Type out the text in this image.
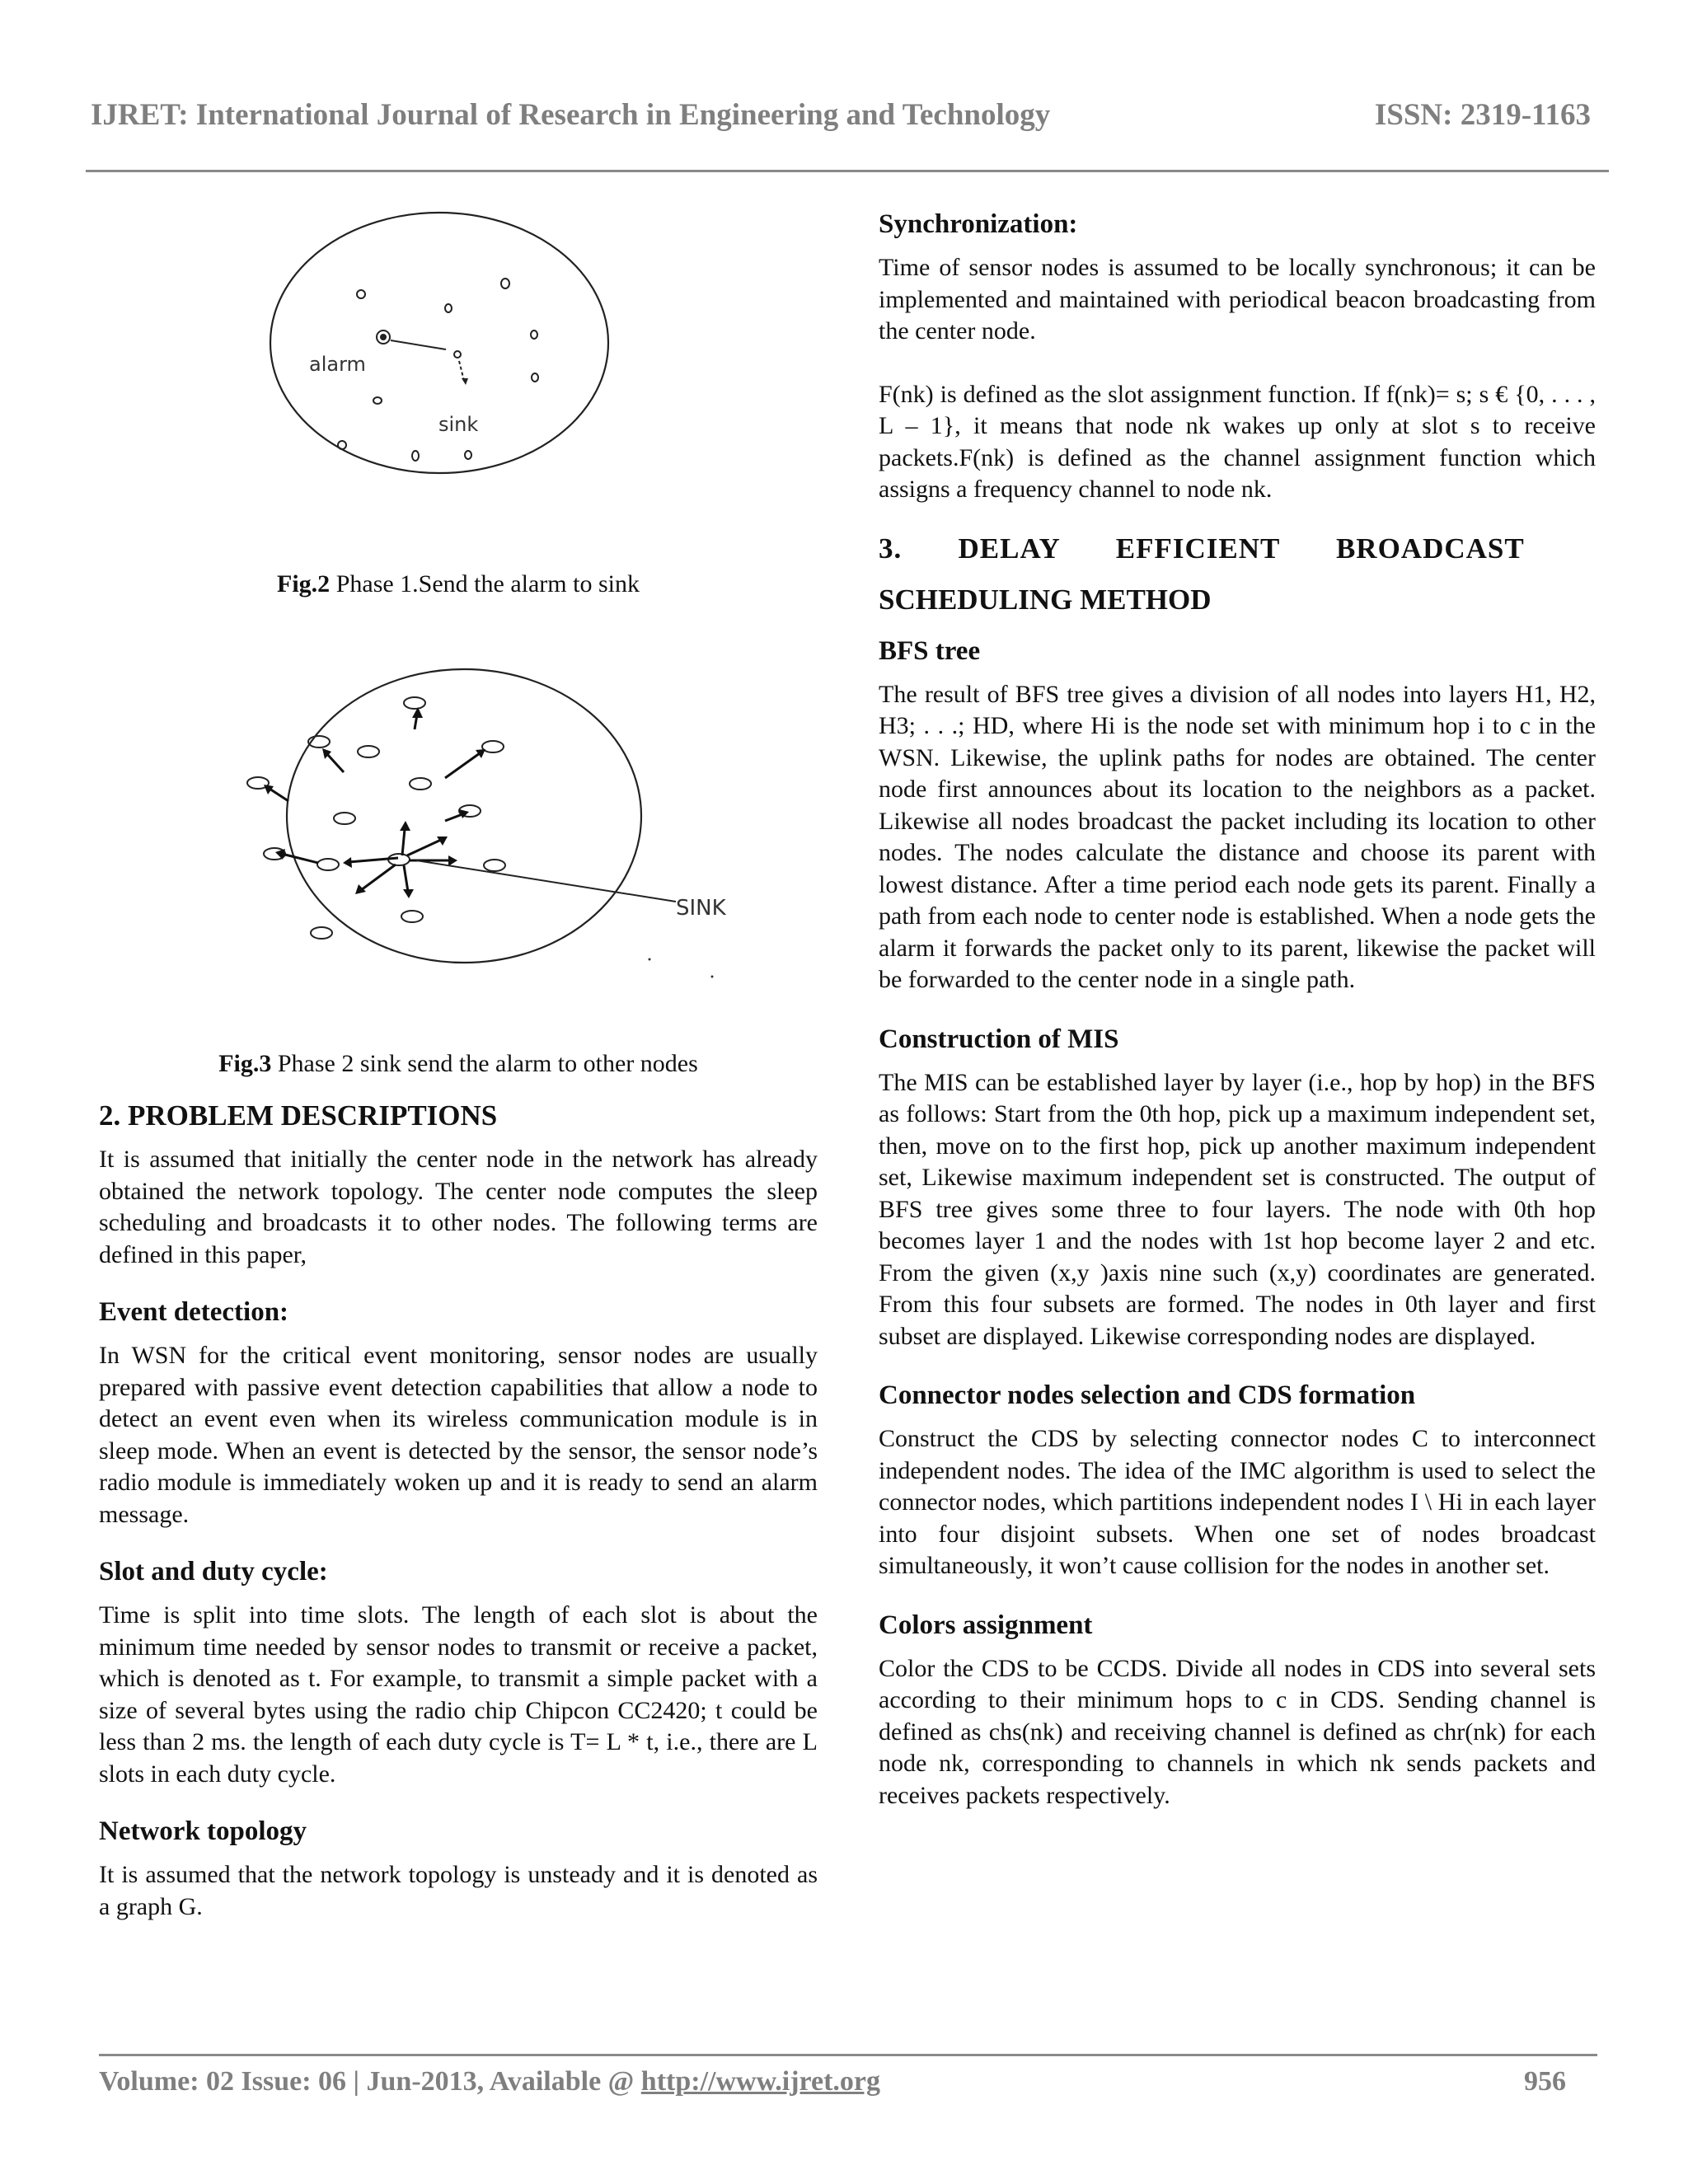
IJRET: International Journal of Research in Engineering and Technology	ISSN: 2319-1163
alarm
sink
Fig.2 Phase 1.Send the alarm to sink
SINK
Fig.3 Phase 2 sink send the alarm to other nodes
2. PROBLEM DESCRIPTIONS

It is assumed that initially the center node in the network has already obtained the network topology. The center node computes the sleep scheduling and broadcasts it to other nodes. The following terms are defined in this paper,

Event detection:

In WSN for the critical event monitoring, sensor nodes are usually prepared with passive event detection capabilities that allow a node to detect an event even when its wireless communication module is in sleep mode. When an event is detected by the sensor, the sensor node’s radio module is immediately woken up and it is ready to send an alarm message.

Slot and duty cycle:

Time is split into time slots. The length of each slot is about the minimum time needed by sensor nodes to transmit or receive a packet, which is denoted as t. For example, to transmit a simple packet with a size of several bytes using the radio chip Chipcon CC2420; t could be less than 2 ms. the length of each duty cycle is T= L * t, i.e., there are L slots in each duty cycle.

Network topology

It is assumed that the network topology is unsteady and it is denoted as a graph G.

Synchronization:

Time of sensor nodes is assumed to be locally synchronous; it can be implemented and maintained with periodical beacon broadcasting from the center node.

F(nk) is defined as the slot assignment function. If f(nk)= s; s € {0, . . . , L – 1}, it means that node nk wakes up only at slot s to receive packets.F(nk) is defined as the channel assignment function which assigns a frequency channel to node nk.

3.       DELAY       EFFICIENT       BROADCAST
SCHEDULING METHOD
BFS tree

The result of BFS tree gives a division of all nodes into layers H1, H2, H3; . . .; HD, where Hi is the node set with minimum hop i to c in the WSN. Likewise, the uplink paths for nodes are obtained. The center node first announces about its location to the neighbors as a packet. Likewise all nodes broadcast the packet including its location to other nodes. The nodes calculate the distance and choose its parent with lowest distance. After a time period each node gets its parent. Finally a path from each node to center node is established. When a node gets the alarm it forwards the packet only to its parent, likewise the packet will be forwarded to the center node in a single path.

Construction of MIS

The MIS can be established layer by layer (i.e., hop by hop) in the BFS as follows: Start from the 0th hop, pick up a maximum independent set, then, move on to the first hop, pick up another maximum independent set, Likewise maximum independent set is constructed. The output of BFS tree gives some three to four layers. The node with 0th hop becomes layer 1 and the nodes with 1st hop become layer 2 and etc. From the given (x,y )axis nine such (x,y) coordinates are generated. From this four subsets are formed. The nodes in 0th layer and first subset are displayed. Likewise corresponding nodes are displayed.

Connector nodes selection and CDS formation

Construct the CDS by selecting connector nodes C to interconnect independent nodes. The idea of the IMC algorithm is used to select the connector nodes, which partitions independent nodes I \ Hi in each layer into four disjoint subsets. When one set of nodes broadcast simultaneously, it won’t cause collision for the nodes in another set.

Colors assignment

Color the CDS to be CCDS. Divide all nodes in CDS into several sets according to their minimum hops to c in CDS. Sending channel is defined as chs(nk) and receiving channel is defined as chr(nk) for each node nk, corresponding to channels in which nk sends packets and receives packets respectively.

Volume: 02 Issue: 06 | Jun-2013, Available @ http://www.ijret.org	956
